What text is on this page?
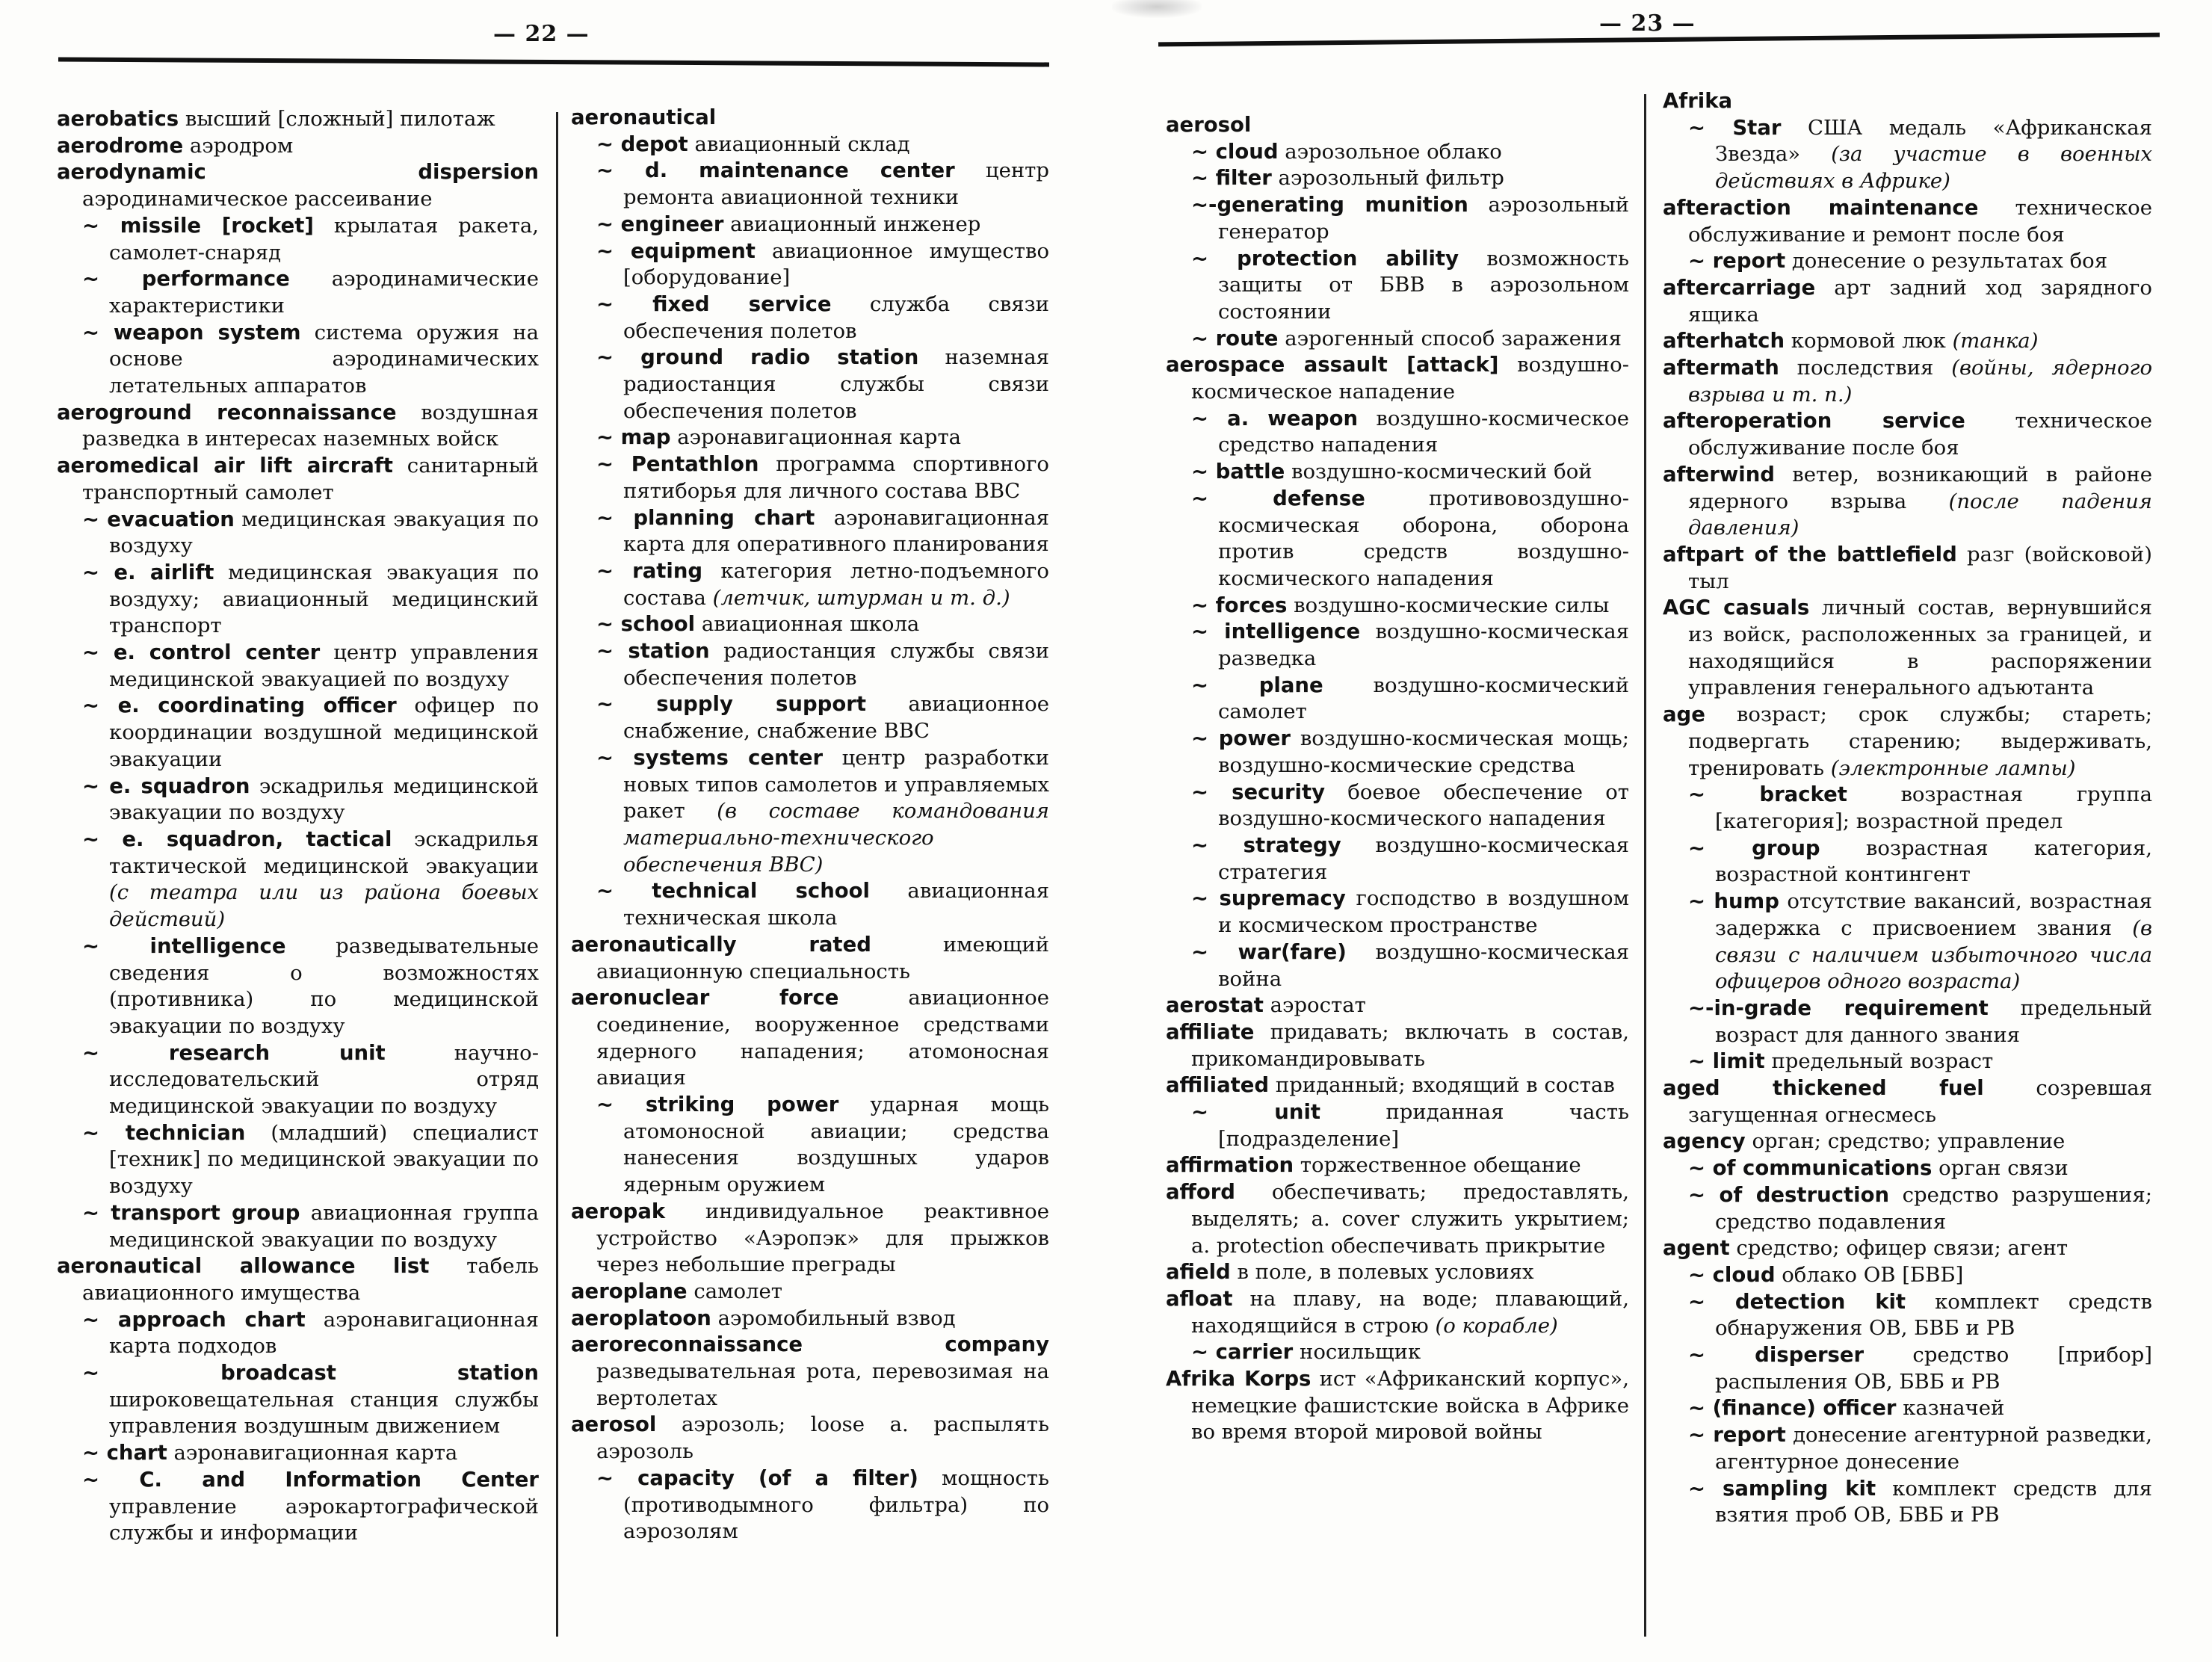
— 22 —

aerobatics высший [сложный] пилотаж

aerodrome аэродром

aerodynamic dispersion аэродинамическое рассеивание

~ missile [rocket] крылатая ракета, самолет-снаряд

~ performance аэродинамические характеристики

~ weapon system система оружия на основе аэродинамических летательных аппаратов

aeroground reconnaissance воздушная разведка в интересах наземных войск

aeromedical air lift aircraft санитарный транспортный самолет

~ evacuation медицинская эвакуация по воздуху

~ e. airlift медицинская эвакуация по воздуху; авиационный медицинский транспорт

~ e. control center центр управления медицинской эвакуацией по воздуху

~ e. coordinating officer офицер по координации воздушной медицинской эвакуации

~ e. squadron эскадрилья медицинской эвакуации по воздуху

~ e. squadron, tactical эскадрилья тактической медицинской эвакуации (с театра или из района боевых действий)

~ intelligence разведывательные сведения о возможностях (противника) по медицинской эвакуации по воздуху

~ research unit	научно-исследовательский отряд медицинской эвакуации по воздуху

~ technician (младший) специалист [техник] по медицинской эвакуации по воздуху

~ transport group авиационная группа медицинской эвакуации по воздуху

aeronautical allowance list табель авиационного имущества

~ approach chart аэронавигационная карта подходов

~ broadcast station широковещательная станция службы управления воздушным движением

~ chart аэронавигационная карта

~ C. and Information Center управление аэрокартографической службы и информации

aeronautical

~ depot авиационный склад

~ d. maintenance center центр ремонта авиационной техники

~ engineer авиационный инженер

~ equipment авиационное имущество [оборудование]

~ fixed service служба связи обеспечения полетов

~ ground radio station наземная радиостанция службы связи обеспечения полетов

~ map аэронавигационная карта

~ Pentathlon программа спортивного пятиборья для личного состава ВВС

~ planning chart аэронавигационная карта для оперативного планирования

~ rating категория летно-подъемного состава (летчик, штурман и т. д.)

~ school авиационная школа

~ station радиостанция службы связи обеспечения полетов

~ supply support авиационное снабжение, снабжение ВВС

~ systems center центр разработки новых типов самолетов и управляемых ракет (в составе командования материально-технического обеспечения ВВС)

~ technical school авиационная техническая школа

aeronautically rated	имеющий авиационную специальность

aeronuclear force	авиационное соединение, вооруженное средствами ядерного нападения; атомоносная авиация

~ striking power ударная мощь атомоносной авиации; средства нанесения воздушных ударов ядерным оружием

aeropak индивидуальное реактивное устройство «Аэропэк» для прыжков через небольшие преграды

aeroplane самолет

aeroplatoon аэромобильный взвод

aeroreconnaissance company разведывательная рота, перевозимая на вертолетах

aerosol аэрозоль; loose a. распылять аэрозоль

~ capacity (of a filter) мощность (противодымного фильтра) по аэрозолям

— 23 —

aerosol

~ cloud аэрозольное облако

~ filter аэрозольный фильтр

~-generating munition аэрозольный генератор

~ protection ability возможность защиты от БВВ в аэрозольном состоянии

~ route аэрогенный способ заражения

aerospace assault [attack] воздушно-космическое нападение

~ a. weapon воздушно-космическое средство нападения

~ battle воздушно-космический бой

~ defense	противовоздушно-космическая оборона, оборона против средств воздушно-космического нападения

~ forces воздушно-космические силы

~ intelligence воздушно-космическая разведка

~ plane воздушно-космический самолет

~ power воздушно-космическая мощь; воздушно-космические средства

~ security боевое обеспечение от воздушно-космического нападения

~ strategy воздушно-космическая стратегия

~ supremacy господство в воздушном и космическом пространстве

~ war(fare) воздушно-космическая война

aerostat аэростат

affiliate придавать; включать в состав, прикомандировывать

affiliated приданный; входящий в состав

~ unit	приданная часть [подразделение]

affirmation торжественное обещание

afford обеспечивать; предоставлять, выделять; a. cover служить укрытием; a. protection обеспечивать прикрытие

afield в поле, в полевых условиях

afloat на плаву, на воде; плавающий, находящийся в строю (о корабле)

~ carrier носильщик

Afrika Korps ист «Африканский корпус», немецкие фашистские войска в Африке во время второй мировой войны

Afrika

~ Star США медаль «Африканская Звезда» (за участие в военных действиях в Африке)

afteraction maintenance техническое обслуживание и ремонт после боя

~ report донесение о результатах боя

aftercarriage арт задний ход зарядного ящика

afterhatch кормовой люк (танка)

aftermath последствия (войны, ядерного взрыва и т. п.)

afteroperation service техническое обслуживание после боя

afterwind ветер, возникающий в районе ядерного взрыва (после падения давления)

aftpart of the battlefield разг (войсковой) тыл

AGC casuals личный состав, вернувшийся из войск, расположенных за границей, и находящийся в распоряжении управления генерального адъютанта

age возраст; срок службы; стареть; подвергать старению; выдерживать, тренировать (электронные лампы)

~ bracket	возрастная группа [категория]; возрастной предел

~ group возрастная категория, возрастной контингент

~ hump отсутствие вакансий, возрастная задержка с присвоением звания (в связи с наличием избыточного числа офицеров одного возраста)

~-in-grade requirement предельный возраст для данного звания

~ limit предельный возраст

aged thickened fuel	созревшая загущенная огнесмесь

agency орган; средство; управление

~ of communications орган связи

~ of destruction средство разрушения; средство подавления

agent средство; офицер связи; агент

~ cloud облако ОВ [БВБ]

~ detection kit комплект средств обнаружения ОВ, БВБ и РВ

~ disperser средство [прибор] распыления ОВ, БВБ и РВ

~ (finance) officer казначей

~ report донесение агентурной разведки, агентурное донесение

~ sampling kit комплект средств для взятия проб ОВ, БВБ и РВ
